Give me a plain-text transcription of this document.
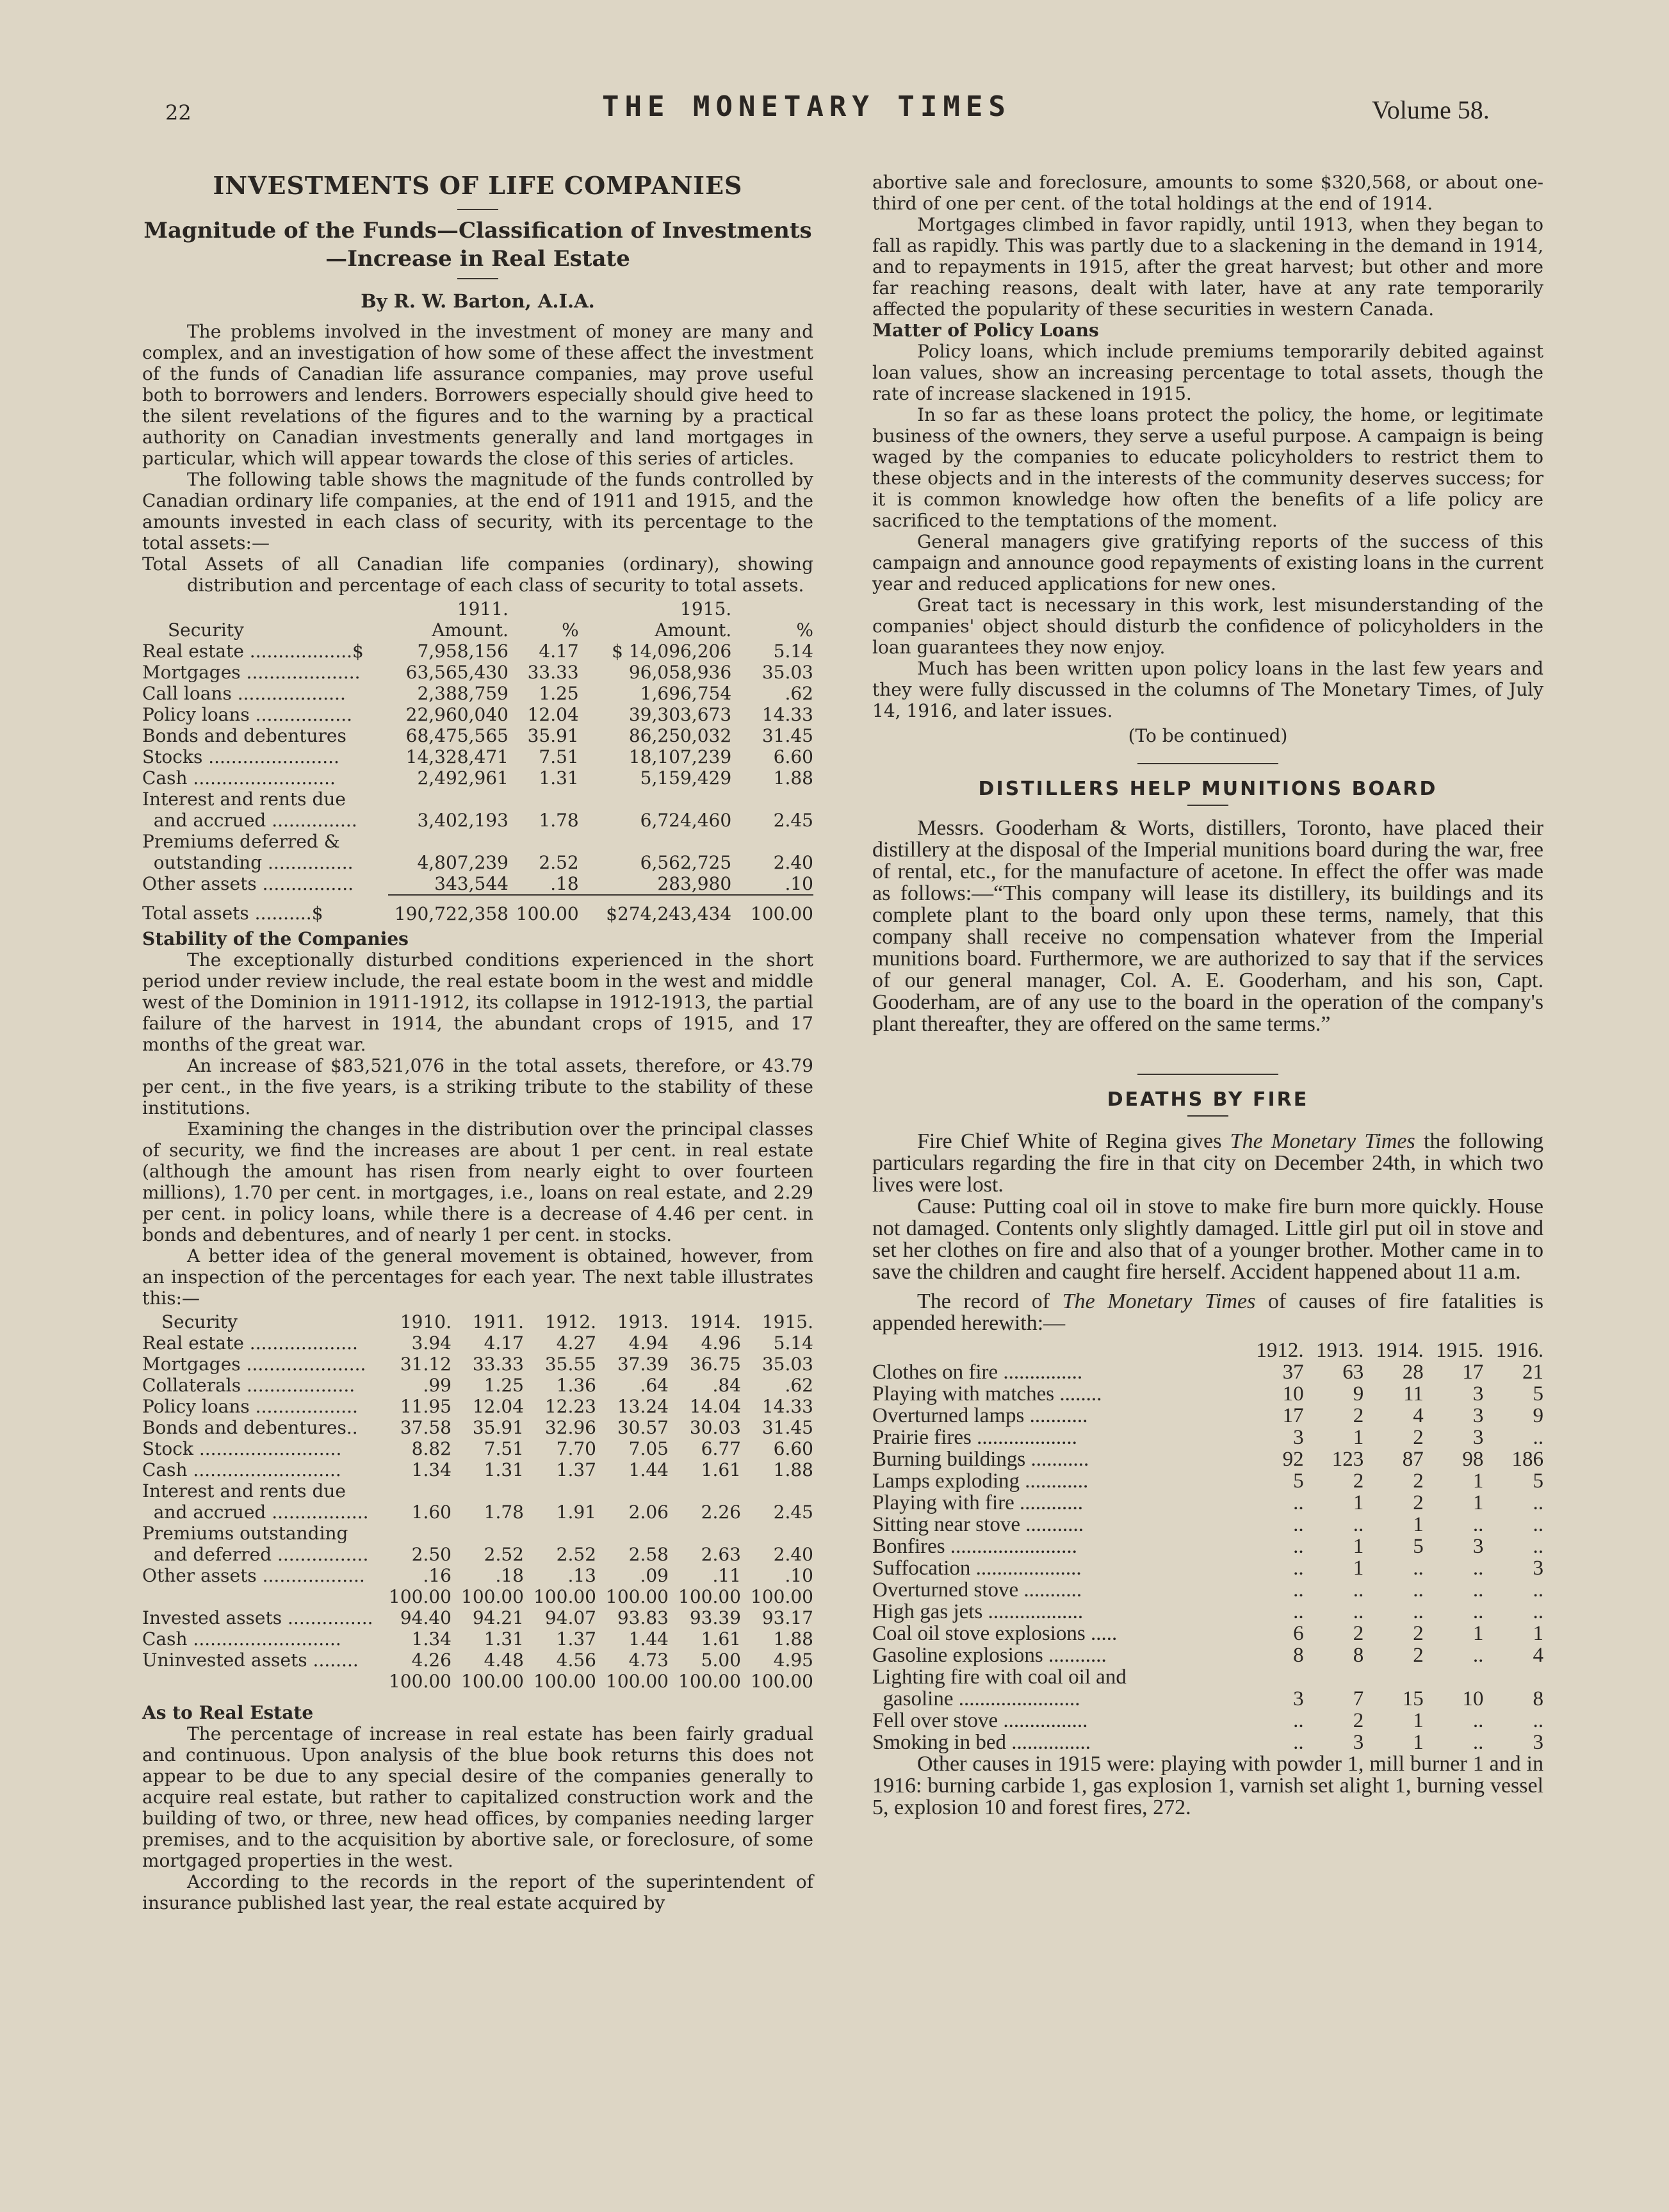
22	THE MONETARY TIMES	Volume 58.
INVESTMENTS OF LIFE COMPANIES
Magnitude of the Funds—Classification of Investments
—Increase in Real Estate
By R. W. Barton, A.I.A.

The problems involved in the investment of money are many and complex, and an investigation of how some of these affect the investment of the funds of Canadian life assurance companies, may prove useful both to borrowers and lenders. Borrowers especially should give heed to the silent revelations of the figures and to the warning by a practical authority on Canadian investments generally and land mortgages in particular, which will appear towards the close of this series of articles.

The following table shows the magnitude of the funds controlled by Canadian ordinary life companies, at the end of 1911 and 1915, and the amounts invested in each class of security, with its percentage to the total assets:—

Total Assets of all Canadian life companies (ordinary), showing distribution and percentage of each class of security to total assets.

	1911.		1915.	
Security	Amount.	%	Amount.	%
Real estate ..................$	7,958,156	4.17	$ 14,096,206	5.14
Mortgages ....................	63,565,430	33.33	96,058,936	35.03
Call loans ...................	2,388,759	1.25	1,696,754	.62
Policy loans .................	22,960,040	12.04	39,303,673	14.33
Bonds and debentures	68,475,565	35.91	86,250,032	31.45
Stocks .......................	14,328,471	7.51	18,107,239	6.60
Cash .........................	2,492,961	1.31	5,159,429	1.88
Interest and rents due				
and accrued ...............	3,402,193	1.78	6,724,460	2.45
Premiums deferred &				
outstanding ...............	4,807,239	2.52	6,562,725	2.40
Other assets ................	343,544	.18	283,980	.10
Total assets ..........$	190,722,358	100.00	$274,243,434	100.00
Stability of the Companies

The exceptionally disturbed conditions experienced in the short period under review include, the real estate boom in the west and middle west of the Dominion in 1911-1912, its collapse in 1912-1913, the partial failure of the harvest in 1914, the abundant crops of 1915, and 17 months of the great war.

An increase of $83,521,076 in the total assets, therefore, or 43.79 per cent., in the five years, is a striking tribute to the stability of these institutions.

Examining the changes in the distribution over the principal classes of security, we find the increases are about 1 per cent. in real estate (although the amount has risen from nearly eight to over fourteen millions), 1.70 per cent. in mortgages, i.e., loans on real estate, and 2.29 per cent. in policy loans, while there is a decrease of 4.46 per cent. in bonds and debentures, and of nearly 1 per cent. in stocks.

A better idea of the general movement is obtained, however, from an inspection of the percentages for each year. The next table illustrates this:—

Security	1910.	1911.	1912.	1913.	1914.	1915.
Real estate ...................	3.94	4.17	4.27	4.94	4.96	5.14
Mortgages .....................	31.12	33.33	35.55	37.39	36.75	35.03
Collaterals ...................	.99	1.25	1.36	.64	.84	.62
Policy loans ..................	11.95	12.04	12.23	13.24	14.04	14.33
Bonds and debentures..	37.58	35.91	32.96	30.57	30.03	31.45
Stock .........................	8.82	7.51	7.70	7.05	6.77	6.60
Cash ..........................	1.34	1.31	1.37	1.44	1.61	1.88
Interest and rents due						
and accrued .................	1.60	1.78	1.91	2.06	2.26	2.45
Premiums outstanding						
and deferred ................	2.50	2.52	2.52	2.58	2.63	2.40
Other assets ..................	.16	.18	.13	.09	.11	.10
	100.00	100.00	100.00	100.00	100.00	100.00
Invested assets ...............	94.40	94.21	94.07	93.83	93.39	93.17
Cash ..........................	1.34	1.31	1.37	1.44	1.61	1.88
Uninvested assets ........	4.26	4.48	4.56	4.73	5.00	4.95
	100.00	100.00	100.00	100.00	100.00	100.00
As to Real Estate

The percentage of increase in real estate has been fairly gradual and continuous. Upon analysis of the blue book returns this does not appear to be due to any special desire of the companies generally to acquire real estate, but rather to capitalized construction work and the building of two, or three, new head offices, by companies needing larger premises, and to the acquisition by abortive sale, or foreclosure, of some mortgaged properties in the west.

According to the records in the report of the superintendent of insurance published last year, the real estate acquired by

abortive sale and foreclosure, amounts to some $320,568, or about one-third of one per cent. of the total holdings at the end of 1914.

Mortgages climbed in favor rapidly, until 1913, when they began to fall as rapidly. This was partly due to a slackening in the demand in 1914, and to repayments in 1915, after the great harvest; but other and more far reaching reasons, dealt with later, have at any rate temporarily affected the popularity of these securities in western Canada.

Matter of Policy Loans

Policy loans, which include premiums temporarily debited against loan values, show an increasing percentage to total assets, though the rate of increase slackened in 1915.

In so far as these loans protect the policy, the home, or legitimate business of the owners, they serve a useful purpose. A campaign is being waged by the companies to educate policyholders to restrict them to these objects and in the interests of the community deserves success; for it is common knowledge how often the benefits of a life policy are sacrificed to the temptations of the moment.

General managers give gratifying reports of the success of this campaign and announce good repayments of existing loans in the current year and reduced applications for new ones.

Great tact is necessary in this work, lest misunderstanding of the companies' object should disturb the confidence of policyholders in the loan guarantees they now enjoy.

Much has been written upon policy loans in the last few years and they were fully discussed in the columns of The Monetary Times, of July 14, 1916, and later issues.

(To be continued)
DISTILLERS HELP MUNITIONS BOARD

Messrs. Gooderham & Worts, distillers, Toronto, have placed their distillery at the disposal of the Imperial munitions board during the war, free of rental, etc., for the manufacture of acetone. In effect the offer was made as follows:—“This company will lease its distillery, its buildings and its complete plant to the board only upon these terms, namely, that this company shall receive no compensation whatever from the Imperial munitions board. Furthermore, we are authorized to say that if the services of our general manager, Col. A. E. Gooderham, and his son, Capt. Gooderham, are of any use to the board in the operation of the company's plant thereafter, they are offered on the same terms.”

DEATHS BY FIRE

Fire Chief White of Regina gives The Monetary Times the following particulars regarding the fire in that city on December 24th, in which two lives were lost.

Cause: Putting coal oil in stove to make fire burn more quickly. House not damaged. Contents only slightly damaged. Little girl put oil in stove and set her clothes on fire and also that of a younger brother. Mother came in to save the children and caught fire herself. Accident happened about 11 a.m.

The record of The Monetary Times of causes of fire fatalities is appended herewith:—

	1912.	1913.	1914.	1915.	1916.
Clothes on fire ...............	37	63	28	17	21
Playing with matches ........	10	9	11	3	5
Overturned lamps ...........	17	2	4	3	9
Prairie fires ...................	3	1	2	3	..
Burning buildings ...........	92	123	87	98	186
Lamps exploding ............	5	2	2	1	5
Playing with fire ............	..	1	2	1	..
Sitting near stove ...........	..	..	1	..	..
Bonfires ........................	..	1	5	3	..
Suffocation ....................	..	1	..	..	3
Overturned stove ...........	..	..	..	..	..
High gas jets ..................	..	..	..	..	..
Coal oil stove explosions .....	6	2	2	1	1
Gasoline explosions ...........	8	8	2	..	4
Lighting fire with coal oil and					
gasoline .......................	3	7	15	10	8
Fell over stove ................	..	2	1	..	..
Smoking in bed ...............	..	3	1	..	3

Other causes in 1915 were: playing with powder 1, mill burner 1 and in 1916: burning carbide 1, gas explosion 1, varnish set alight 1, burning vessel 5, explosion 10 and forest fires, 272.
